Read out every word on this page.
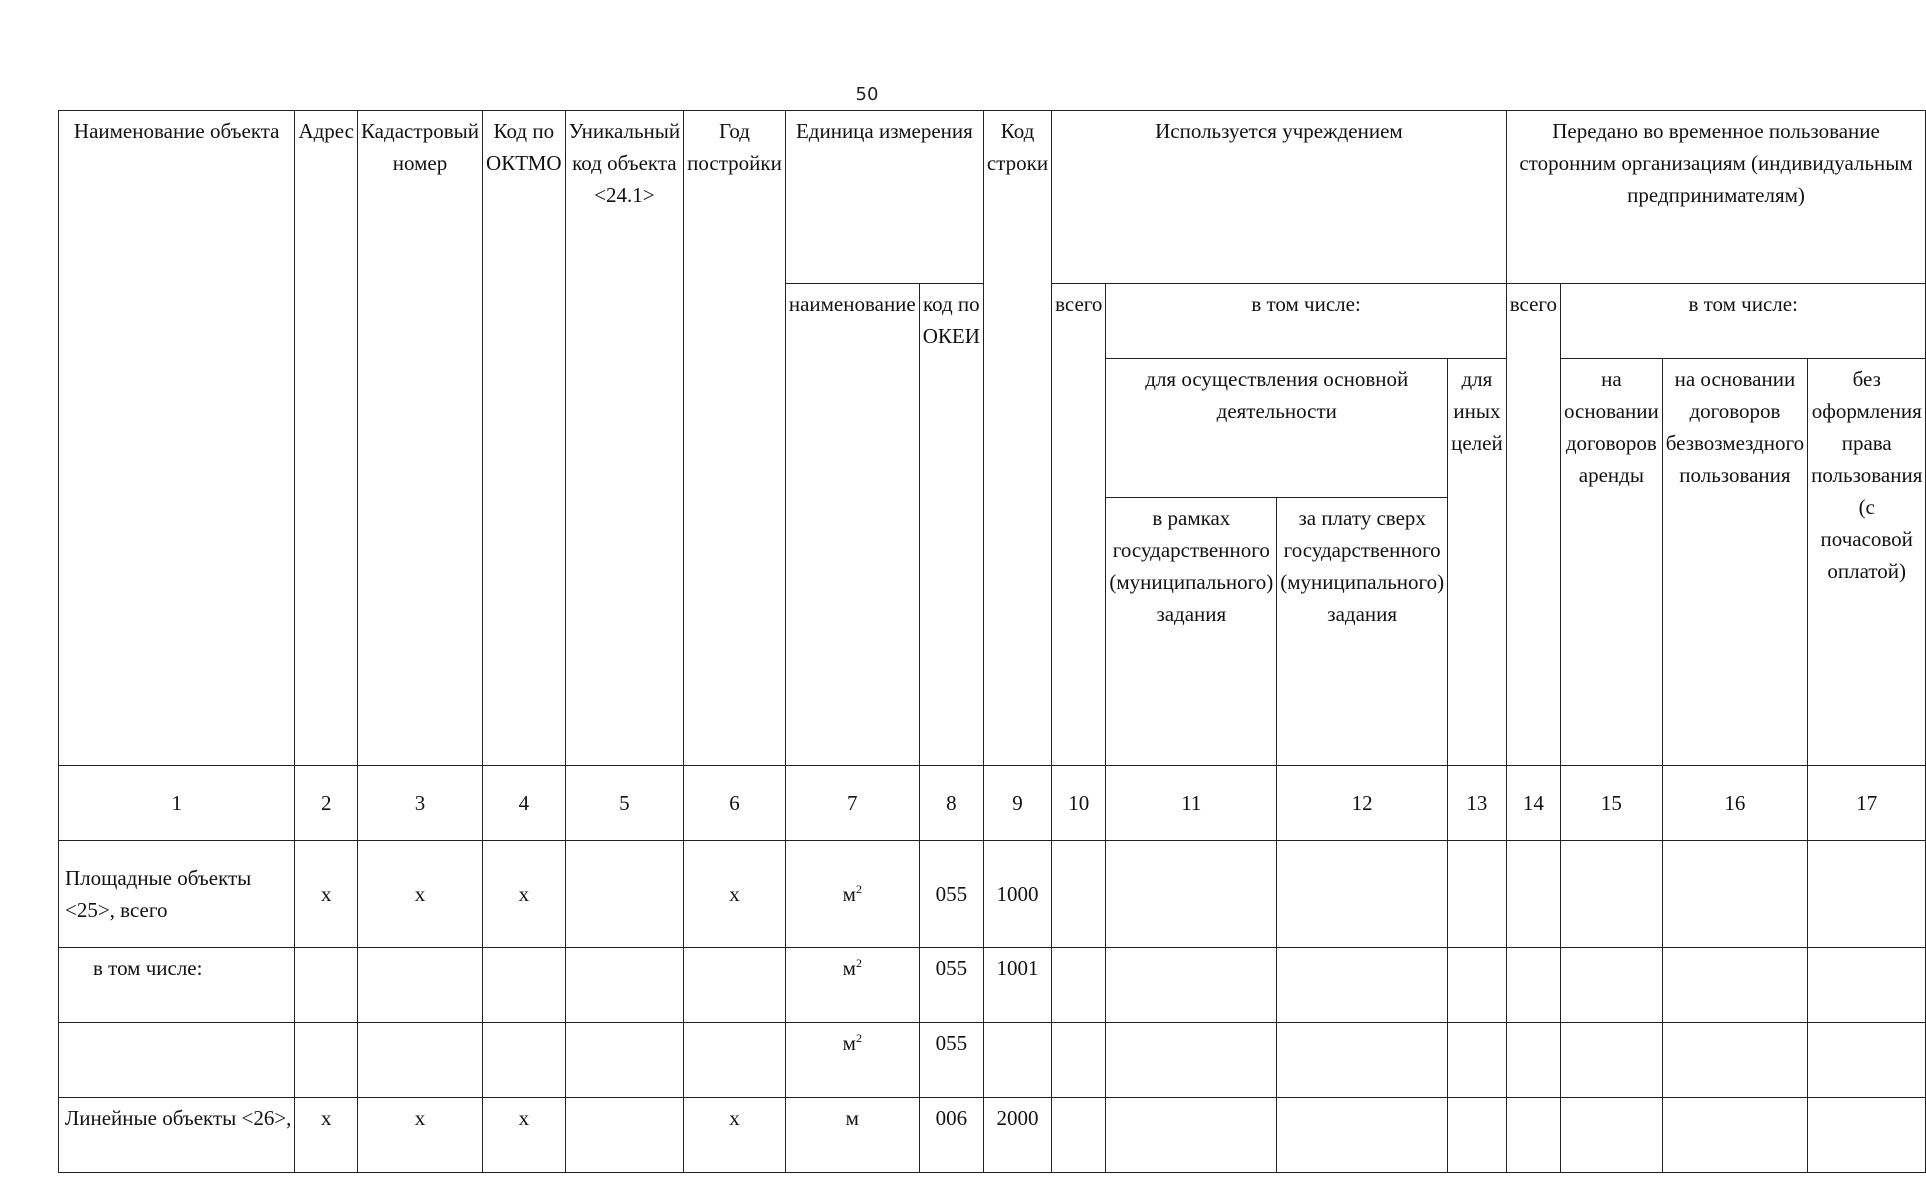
50
Наименование объекта	Адрес	Кадастровый номер	Код по ОКТМО	Уникальный код объекта <24.1>	Год постройки	Единица измерения		Код строки	Используется учреждением				Передано во временное пользование сторонним организациям (индивидуальным предпринимателям)			
						наименование	код по ОКЕИ		всего	в том числе:			всего	в том числе:		
										для осуществления основной деятельности		для иных целей		на основании договоров аренды	на основании договоров безвозмездного пользования	без оформления права пользования (с почасовой оплатой)
										в рамках государственного (муниципального) задания	за плату сверх государственного (муниципального) задания					
1	2	3	4	5	6	7	8	9	10	11	12	13	14	15	16	17
Площадные объекты <25>, всего	х	х	х		х	$м^2$	055	1000								
в том числе:						$м^2$	055	1001								
						$м^2$	055									
Линейные объекты <26>,	х	х	х		х	м	006	2000								
